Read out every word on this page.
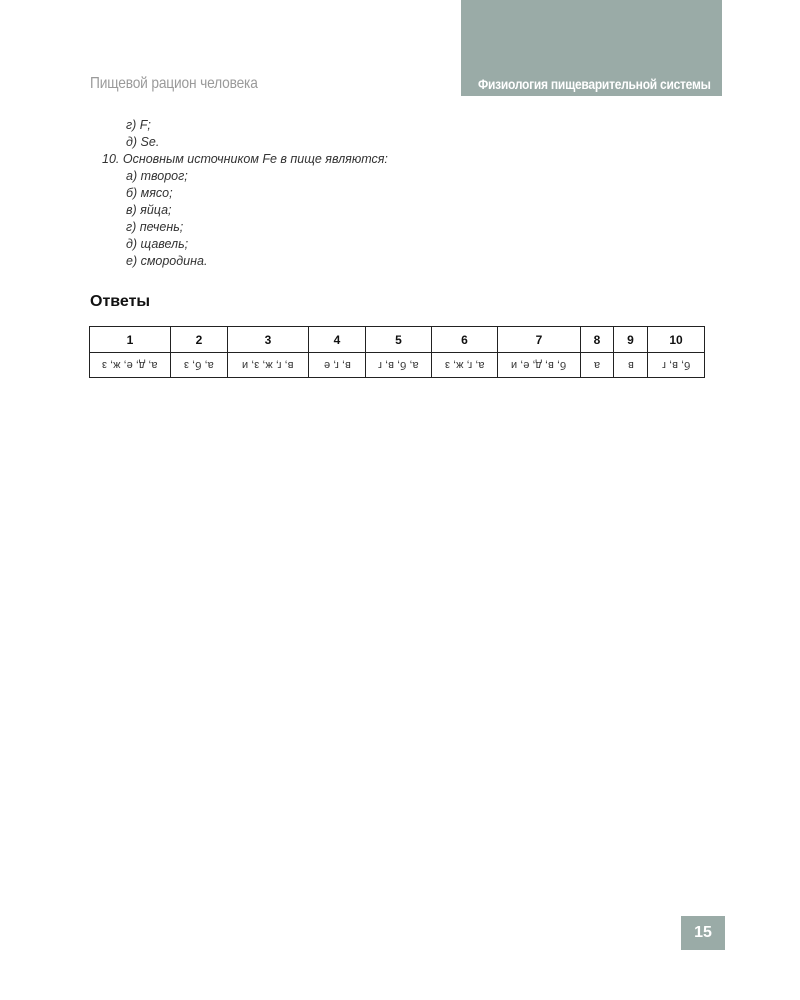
Физиология пищеварительной системы
Пищевой рацион человека
г) F;
д) Se.
10. Основным источником Fe в пище являются:
а) творог;
б) мясо;
в) яйца;
г) печень;
д) щавель;
е) смородина.
Ответы
1	2	3	4	5	6	7	8	9	10
а, д, е, ж, з	а, б, з	в, г, ж, з, и	в, г, е	а, б, в, г	а, г, ж, з	б, в, д, е, и	а	в	б, в, г
15
